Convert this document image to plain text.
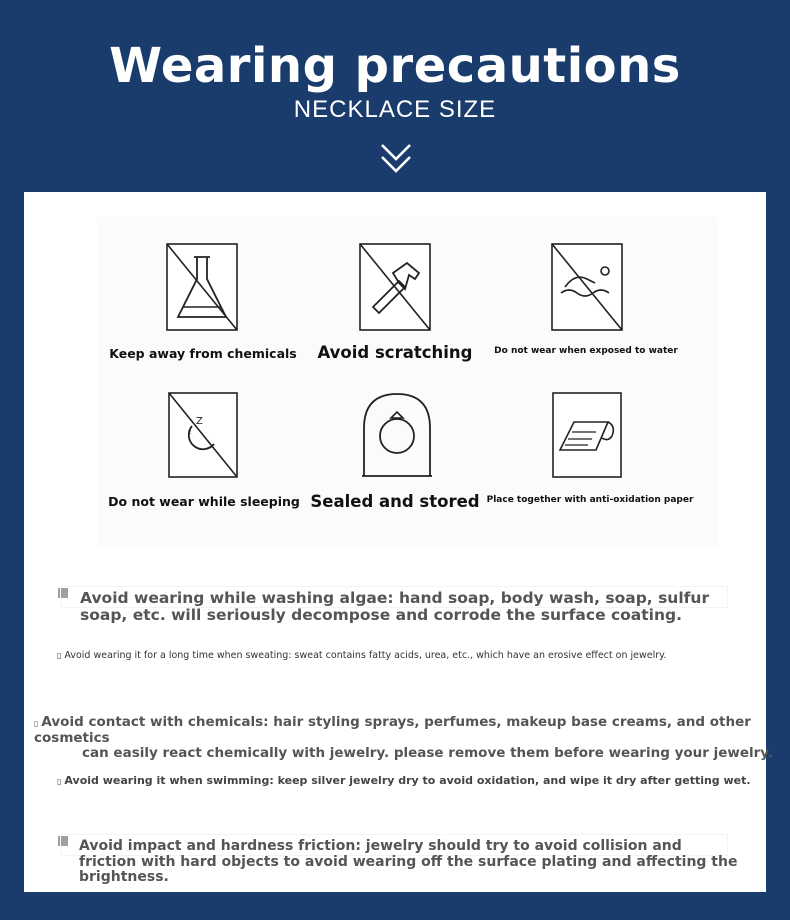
Wearing precautions
NECKLACE SIZE
Keep away from chemicals Avoid scratching Do not wear when exposed to water
Z
z
Do not wear while sleeping Sealed and stored Place together with anti-oxidation paper
Avoid wearing while washing algae: hand soap, body wash, soap, sulfur soap, etc. will seriously decompose and corrode the surface coating.
▯ Avoid wearing it for a long time when sweating: sweat contains fatty acids, urea, etc., which have an erosive effect on jewelry.
▯ Avoid contact with chemicals: hair styling sprays, perfumes, makeup base creams, and other cosmetics
can easily react chemically with jewelry. please remove them before wearing your jewelry.
▯ Avoid wearing it when swimming: keep silver jewelry dry to avoid oxidation, and wipe it dry after getting wet.
Avoid impact and hardness friction: jewelry should try to avoid collision and friction with hard objects to avoid wearing off the surface plating and affecting the brightness.
